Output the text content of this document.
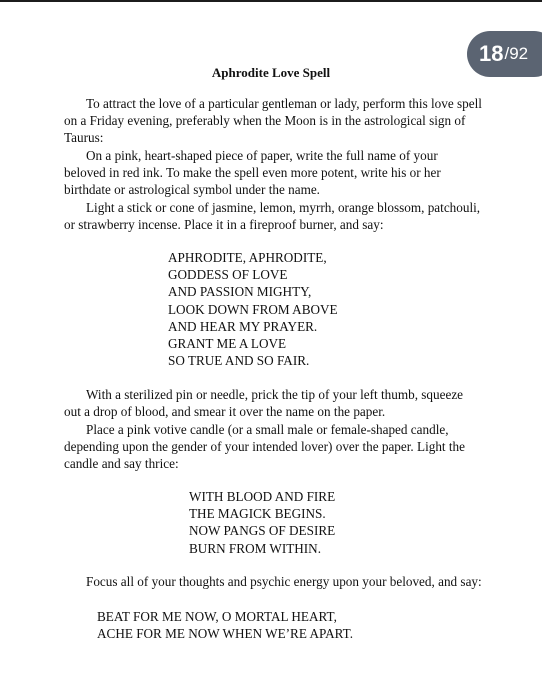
18 / 92
Aphrodite Love Spell

To attract the love of a particular gentleman or lady, perform this love spell on a Friday evening, preferably when the Moon is in the astrological sign of Taurus:

On a pink, heart-shaped piece of paper, write the full name of your beloved in red ink. To make the spell even more potent, write his or her birthdate or astrological symbol under the name.

Light a stick or cone of jasmine, lemon, myrrh, orange blossom, patchouli, or strawberry incense. Place it in a fireproof burner, and say:

APHRODITE, APHRODITE,
GODDESS OF LOVE
AND PASSION MIGHTY,
LOOK DOWN FROM ABOVE
AND HEAR MY PRAYER.
GRANT ME A LOVE
SO TRUE AND SO FAIR.

With a sterilized pin or needle, prick the tip of your left thumb, squeeze out a drop of blood, and smear it over the name on the paper.

Place a pink votive candle (or a small male or female-shaped candle, depending upon the gender of your intended lover) over the paper. Light the candle and say thrice:

WITH BLOOD AND FIRE
THE MAGICK BEGINS.
NOW PANGS OF DESIRE
BURN FROM WITHIN.

Focus all of your thoughts and psychic energy upon your beloved, and say:

BEAT FOR ME NOW, O MORTAL HEART,
ACHE FOR ME NOW WHEN WE’RE APART.
